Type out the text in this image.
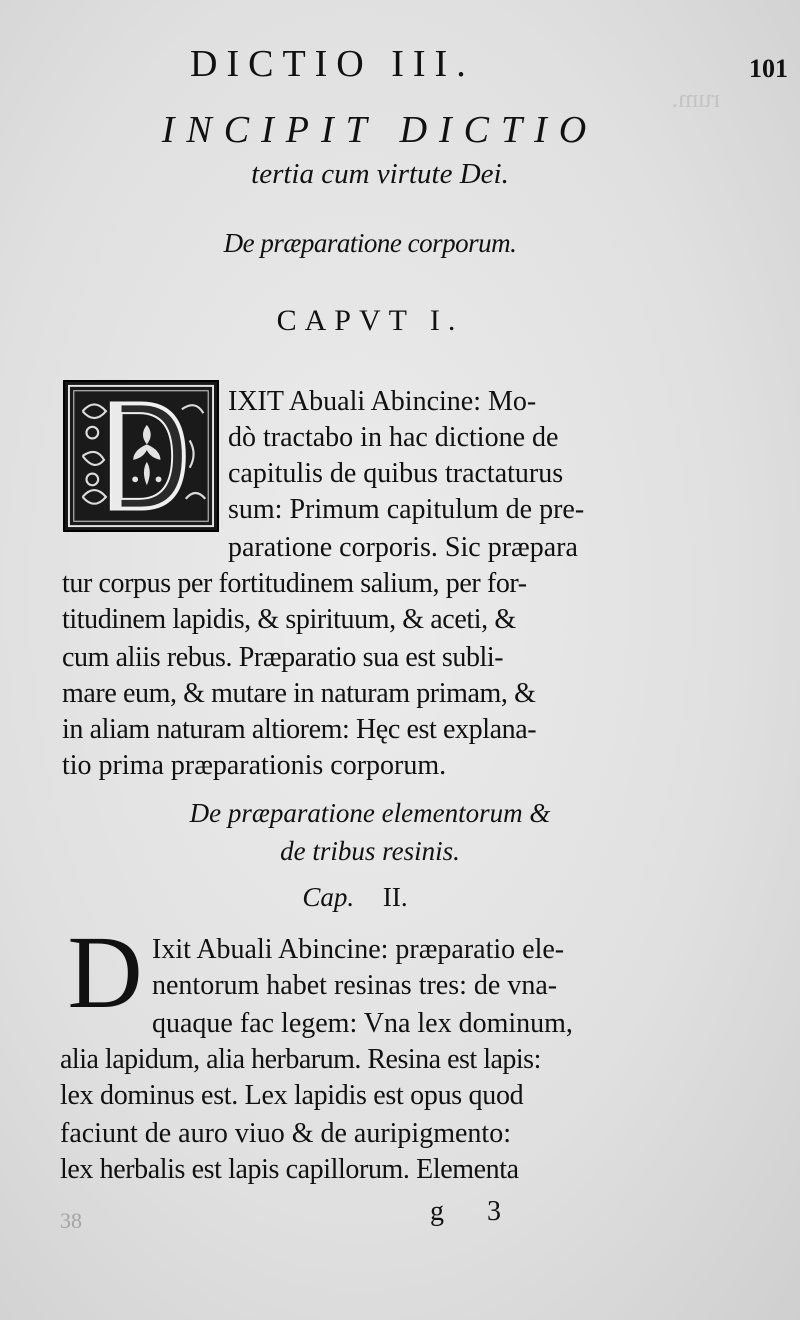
rum.
DICTIO III.	101
INCIPIT DICTIO
tertia cum virtute Dei.
De præparatione corporum.
CAPVT I.
IXIT Abuali Abincine: Mo-
dò tractabo in hac dictione de
capitulis de quibus tractaturus
sum: Primum capitulum de pre-
paratione corporis. Sic præpara
tur corpus per fortitudinem salium, per for-
titudinem lapidis, & spirituum, & aceti, &
cum aliis rebus. Præparatio sua est subli-
mare eum, & mutare in naturam primam, &
in aliam naturam altiorem: Hęc est explana-
tio prima præparationis corporum.
De præparatione elementorum &
de tribus resinis.
Cap. II.
D Ixit Abuali Abincine: præparatio ele-
nentorum habet resinas tres: de vna-
quaque fac legem: Vna lex dominum,
alia lapidum, alia herbarum. Resina est lapis:
lex dominus est. Lex lapidis est opus quod
faciunt de auro viuo & de auripigmento:
lex herbalis est lapis capillorum. Elementa
g 3
38
